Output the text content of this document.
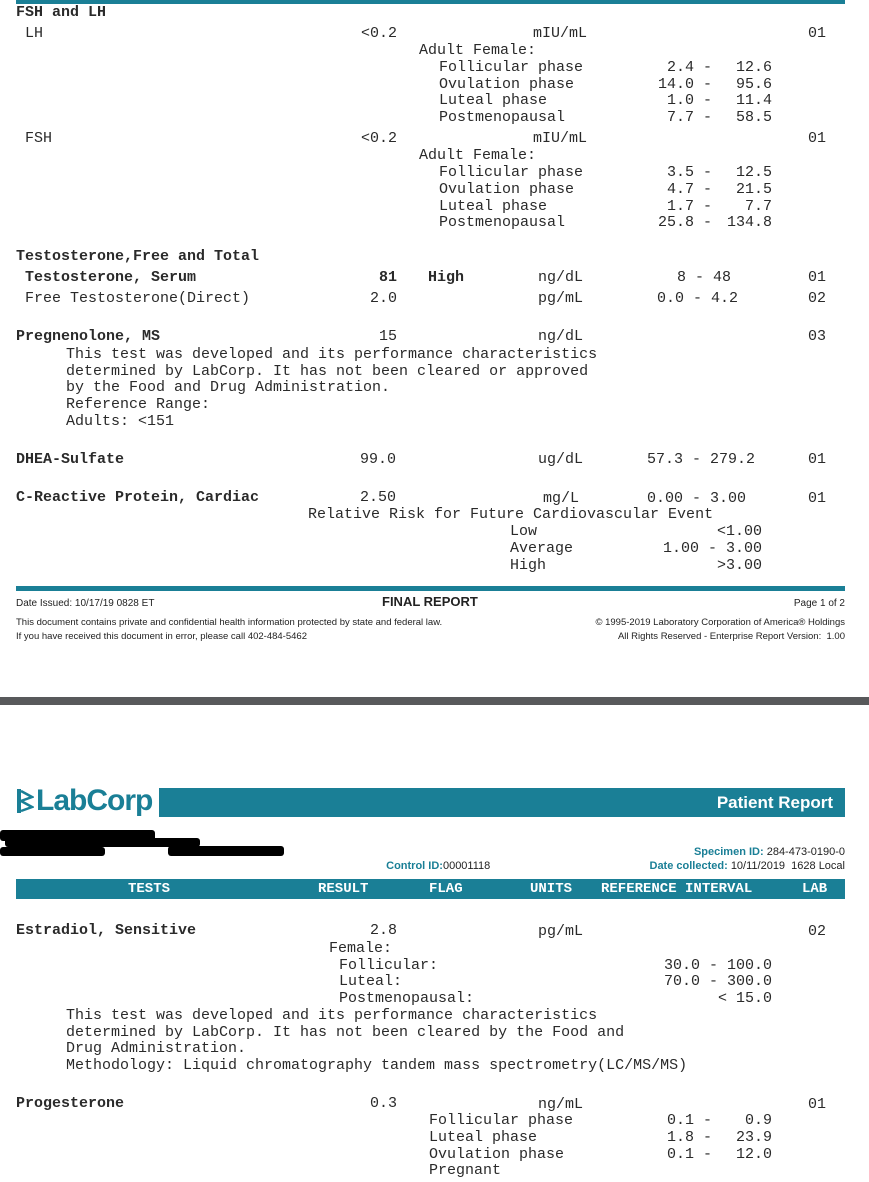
FSH and LH
LH	<0.2	mIU/mL	01
Adult Female:
Follicular phase	2.4 -	12.6
Ovulation phase	14.0 -	95.6
Luteal phase	1.0 -	11.4
Postmenopausal	7.7 -	58.5
FSH	<0.2	mIU/mL	01
Adult Female:
Follicular phase	3.5 -	12.5
Ovulation phase	4.7 -	21.5
Luteal phase	1.7 -	7.7
Postmenopausal	25.8 - 134.8
Testosterone,Free and Total
Testosterone, Serum	81 High	ng/dL	8 - 48	01
Free Testosterone(Direct)	2.0	pg/mL	0.0 - 4.2	02
Pregnenolone, MS	15	ng/dL	03
This test was developed and its performance characteristics
determined by LabCorp. It has not been cleared or approved
by the Food and Drug Administration.
Reference Range:
Adults: <151
DHEA-Sulfate	99.0	ug/dL	57.3 - 279.2	01
C-Reactive Protein, Cardiac	2.50	mg/L	0.00 - 3.00	01
Relative Risk for Future Cardiovascular Event
Low	<1.00
Average	1.00 - 3.00
High	>3.00
Date Issued: 10/17/19 0828 ET	FINAL REPORT	Page 1 of 2
This document contains private and confidential health information protected by state and federal law.
If you have received this document in error, please call 402-484-5462
© 1995-2019 Laboratory Corporation of America® Holdings
All Rights Reserved - Enterprise Report Version:  1.00
LabCorp	Patient Report

Control ID:00001118

Specimen ID: 284-473-0190-0

Date collected: 10/11/2019  1628 Local

TESTS	RESULT	FLAG	UNITS REFERENCE INTERVAL	LAB
Estradiol, Sensitive	2.8	pg/mL	02
Female:
Follicular:	30.0 - 100.0
Luteal:	70.0 - 300.0
Postmenopausal:	< 15.0
This test was developed and its performance characteristics
determined by LabCorp. It has not been cleared by the Food and
Drug Administration.
Methodology: Liquid chromatography tandem mass spectrometry(LC/MS/MS)
Progesterone	0.3	ng/mL	01
Follicular phase	0.1 -	0.9
Luteal phase	1.8 -	23.9
Ovulation phase	0.1 -	12.0
Pregnant
